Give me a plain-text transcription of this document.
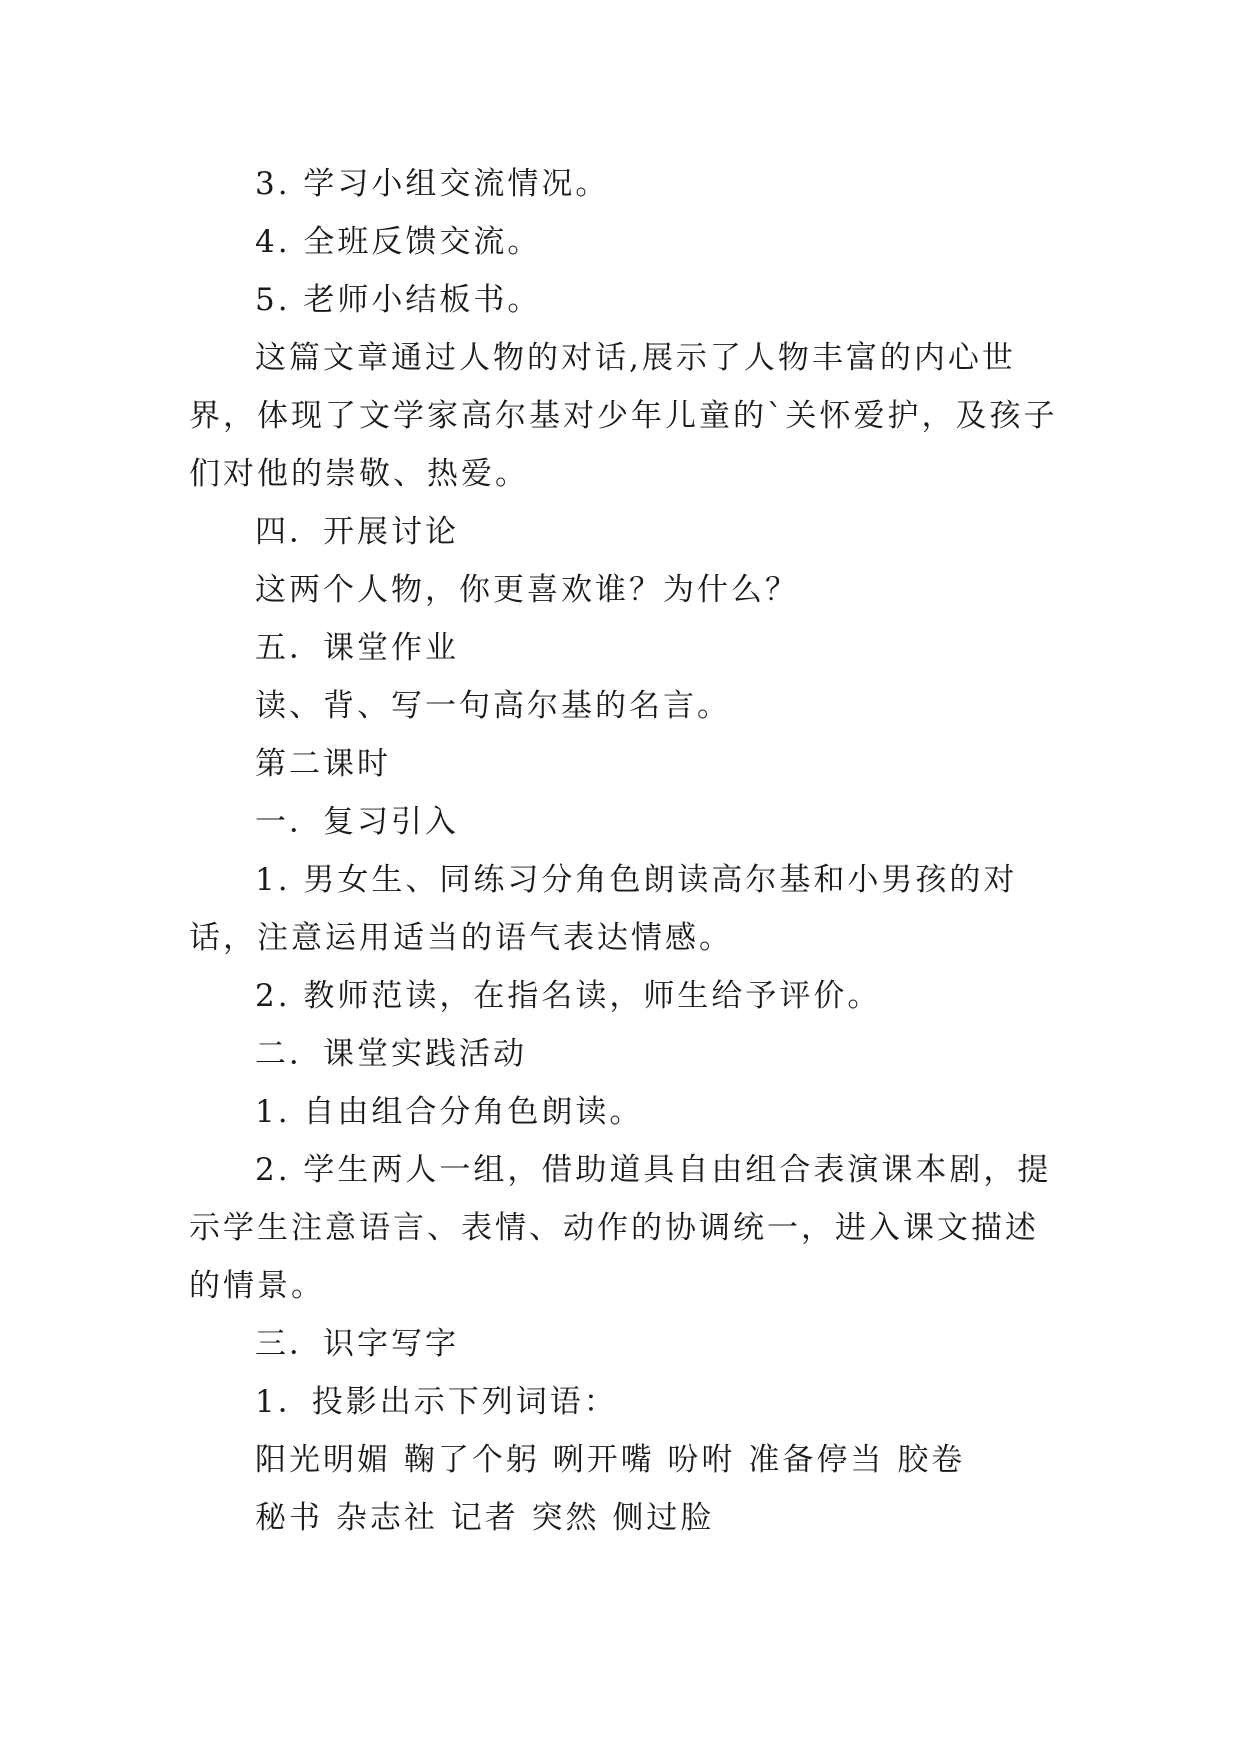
3. 学习小组交流情况。

4. 全班反馈交流。

5. 老师小结板书。

这篇文章通过人物的对话,展示了人物丰富的内心世界，体现了文学家高尔基对少年儿童的`关怀爱护，及孩子们对他的崇敬、热爱。

四．开展讨论

这两个人物，你更喜欢谁？为什么？

五．课堂作业

读、背、写一句高尔基的名言。

第二课时

一．复习引入

1. 男女生、同练习分角色朗读高尔基和小男孩的对话，注意运用适当的语气表达情感。

2. 教师范读，在指名读，师生给予评价。

二．课堂实践活动

1. 自由组合分角色朗读。

2. 学生两人一组，借助道具自由组合表演课本剧，提示学生注意语言、表情、动作的协调统一，进入课文描述的情景。

三．识字写字

1．投影出示下列词语：

阳光明媚 鞠了个躬 咧开嘴 吩咐 准备停当 胶卷

秘书 杂志社 记者 突然 侧过脸
